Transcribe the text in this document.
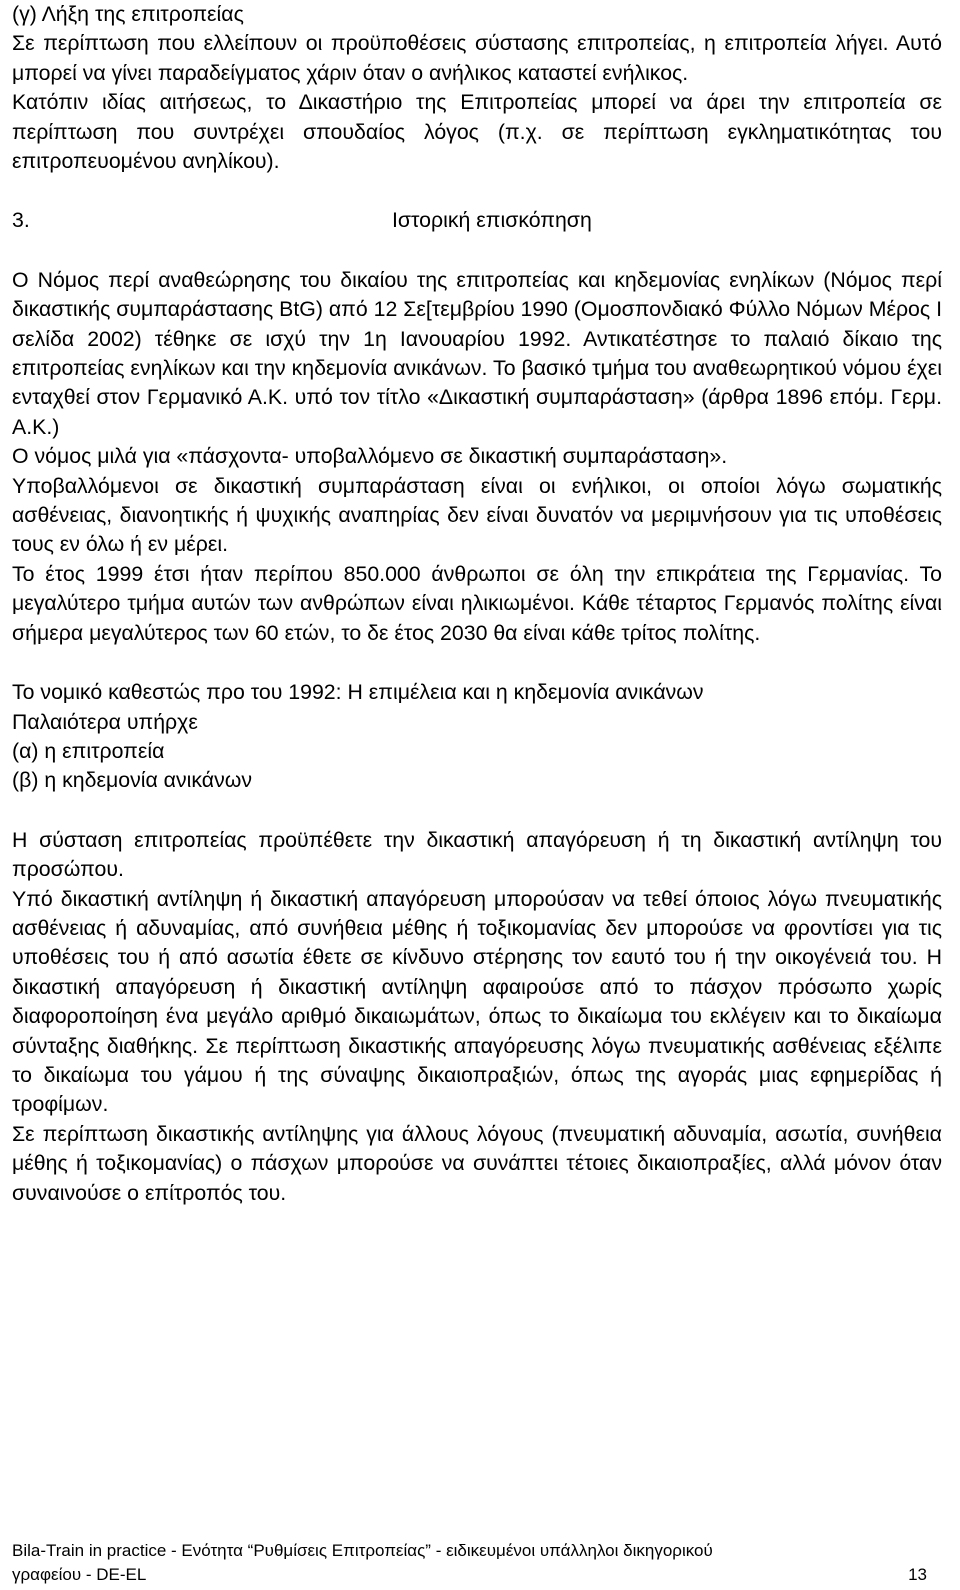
(γ) Λήξη της επιτροπείας

Σε περίπτωση που ελλείπουν οι προϋποθέσεις σύστασης επιτροπείας, η επιτροπεία λήγει. Αυτό μπορεί να γίνει παραδείγματος χάριν όταν ο ανήλικος καταστεί ενήλικος.

Κατόπιν ιδίας αιτήσεως, το Δικαστήριο της Επιτροπείας μπορεί να άρει την επιτροπεία σε περίπτωση που συντρέχει σπουδαίος λόγος (π.χ. σε περίπτωση εγκληματικότητας του επιτροπευομένου ανηλίκου).

3.	Ιστορική επισκόπηση

Ο Νόμος περί αναθεώρησης του δικαίου της επιτροπείας και κηδεμονίας ενηλίκων (Νόμος περί δικαστικής συμπαράστασης BtG) από 12 Σε[τεμβρίου 1990 (Ομοσπονδιακό Φύλλο Νόμων Μέρος Ι σελίδα 2002) τέθηκε σε ισχύ την 1η Ιανουαρίου 1992. Αντικατέστησε το παλαιό δίκαιο της επιτροπείας ενηλίκων και την κηδεμονία ανικάνων. Το βασικό τμήμα του αναθεωρητικού νόμου έχει ενταχθεί στον Γερμανικό Α.Κ. υπό τον τίτλο «Δικαστική συμπαράσταση» (άρθρα 1896 επόμ. Γερμ. Α.Κ.)

Ο νόμος μιλά για «πάσχοντα- υποβαλλόμενο σε δικαστική συμπαράσταση».

Υποβαλλόμενοι σε δικαστική συμπαράσταση είναι οι ενήλικοι, οι οποίοι λόγω σωματικής ασθένειας, διανοητικής ή ψυχικής αναπηρίας δεν είναι δυνατόν να μεριμνήσουν για τις υποθέσεις τους εν όλω ή εν μέρει.

Το έτος 1999 έτσι ήταν περίπου 850.000 άνθρωποι σε όλη την επικράτεια της Γερμανίας. Το μεγαλύτερο τμήμα αυτών των ανθρώπων είναι ηλικιωμένοι. Κάθε τέταρτος Γερμανός πολίτης είναι σήμερα μεγαλύτερος των 60 ετών, το δε έτος 2030 θα είναι κάθε τρίτος πολίτης.

Το νομικό καθεστώς προ του 1992: Η επιμέλεια και η κηδεμονία ανικάνων

Παλαιότερα υπήρχε

(α) η επιτροπεία

(β) η κηδεμονία ανικάνων

Η σύσταση επιτροπείας προϋπέθετε την δικαστική απαγόρευση ή τη δικαστική αντίληψη του προσώπου.

Υπό δικαστική αντίληψη ή δικαστική απαγόρευση μπορούσαν να τεθεί όποιος λόγω πνευματικής ασθένειας ή αδυναμίας, από συνήθεια μέθης ή τοξικομανίας δεν μπορούσε να φροντίσει για τις υποθέσεις του ή από ασωτία έθετε σε κίνδυνο στέρησης τον εαυτό του ή την οικογένειά του. Η δικαστική απαγόρευση ή δικαστική αντίληψη αφαιρούσε από το πάσχον πρόσωπο χωρίς διαφοροποίηση ένα μεγάλο αριθμό δικαιωμάτων, όπως το δικαίωμα του εκλέγειν και το δικαίωμα σύνταξης διαθήκης. Σε περίπτωση δικαστικής απαγόρευσης λόγω πνευματικής ασθένειας εξέλιπε το δικαίωμα του γάμου ή της σύναψης δικαιοπραξιών, όπως της αγοράς μιας εφημερίδας ή τροφίμων.

Σε περίπτωση δικαστικής αντίληψης για άλλους λόγους (πνευματική αδυναμία, ασωτία, συνήθεια μέθης ή τοξικομανίας) ο πάσχων μπορούσε να συνάπτει τέτοιες δικαιοπραξίες, αλλά μόνον όταν συναινούσε ο επίτροπός του.

Bila-Train in practice - Ενότητα “Ρυθμίσεις Επιτροπείας” - ειδικευμένοι υπάλληλοι δικηγορικού
γραφείου - DE-EL	13
